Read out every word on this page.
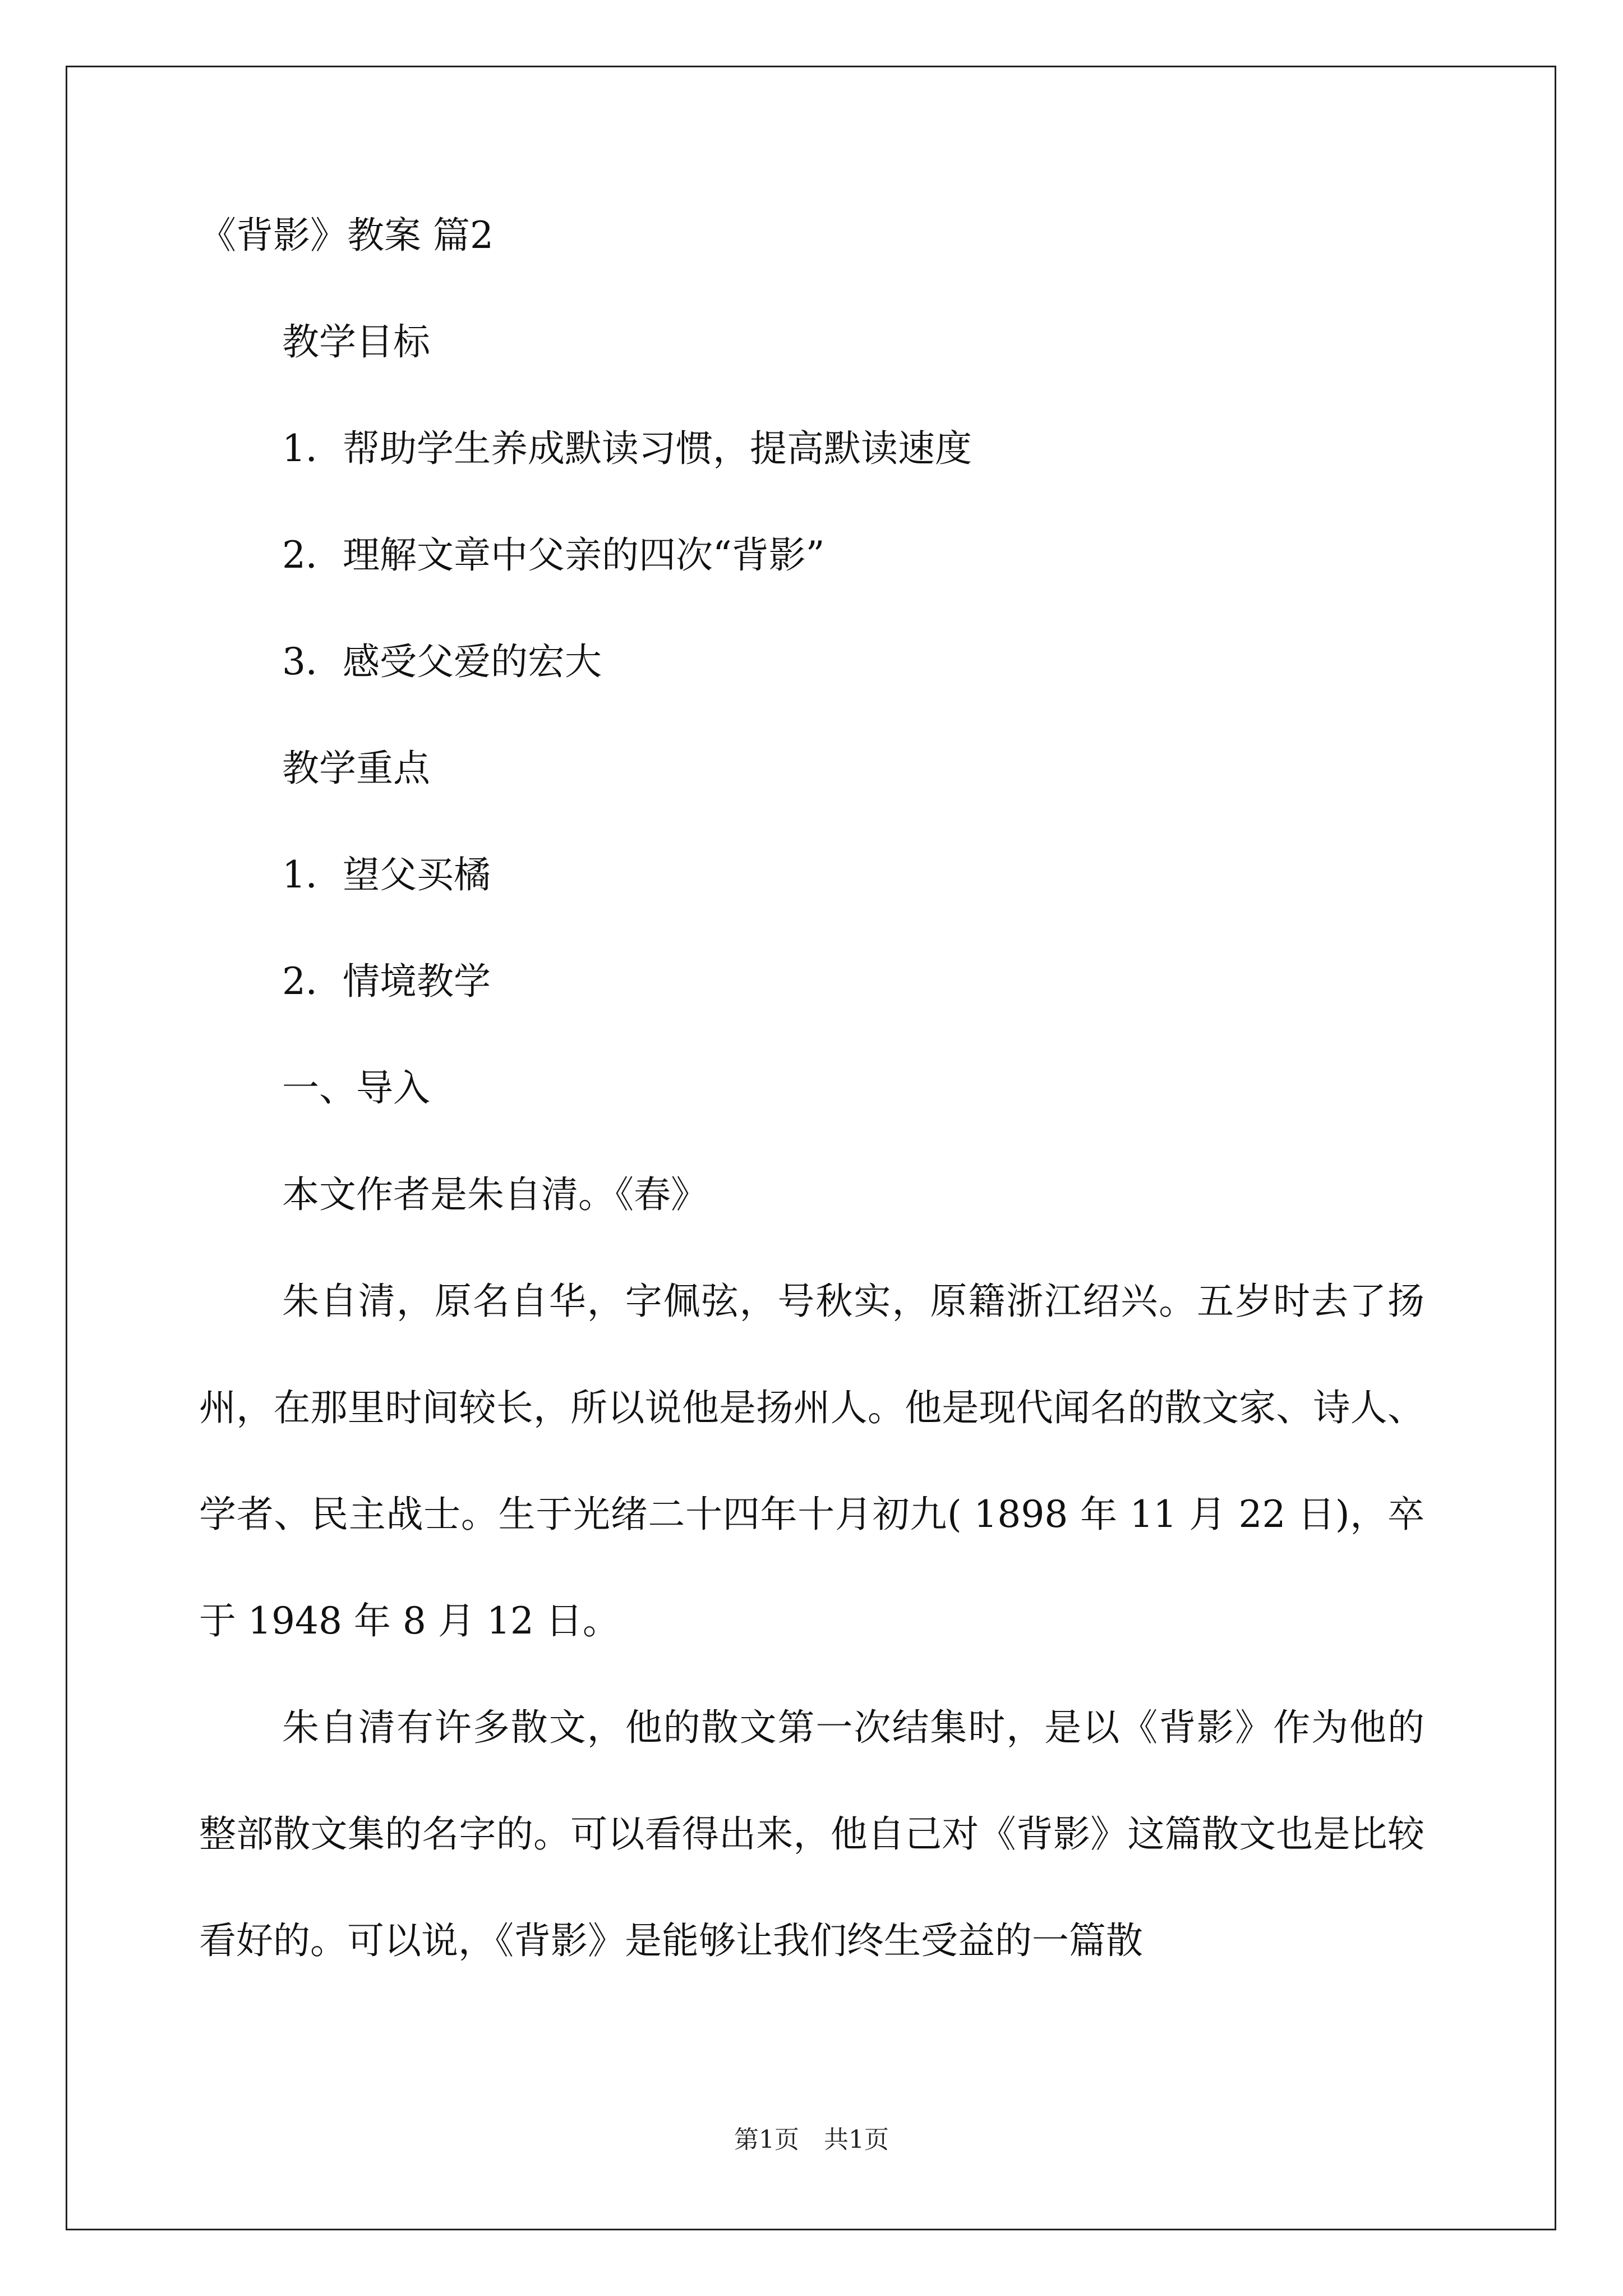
《背影》教案 篇2
教学目标
1．帮助学生养成默读习惯，提高默读速度
2．理解文章中父亲的四次“背影”
3．感受父爱的宏大
教学重点
1．望父买橘
2．情境教学
一、导入
本文作者是朱自清。《春》

朱自清，原名自华，字佩弦，号秋实，原籍浙江绍兴。五岁时去了扬州，在那里时间较长，所以说他是扬州人。他是现代闻名的散文家、诗人、学者、民主战士。生于光绪二十四年十月初九( 1898 年 11 月 22 日)，卒于 1948 年 8 月 12 日。

朱自清有许多散文，他的散文第一次结集时，是以《背影》作为他的整部散文集的名字的。可以看得出来，他自己对《背影》这篇散文也是比较看好的。可以说，《背影》是能够让我们终生受益的一篇散

第1页　共1页
